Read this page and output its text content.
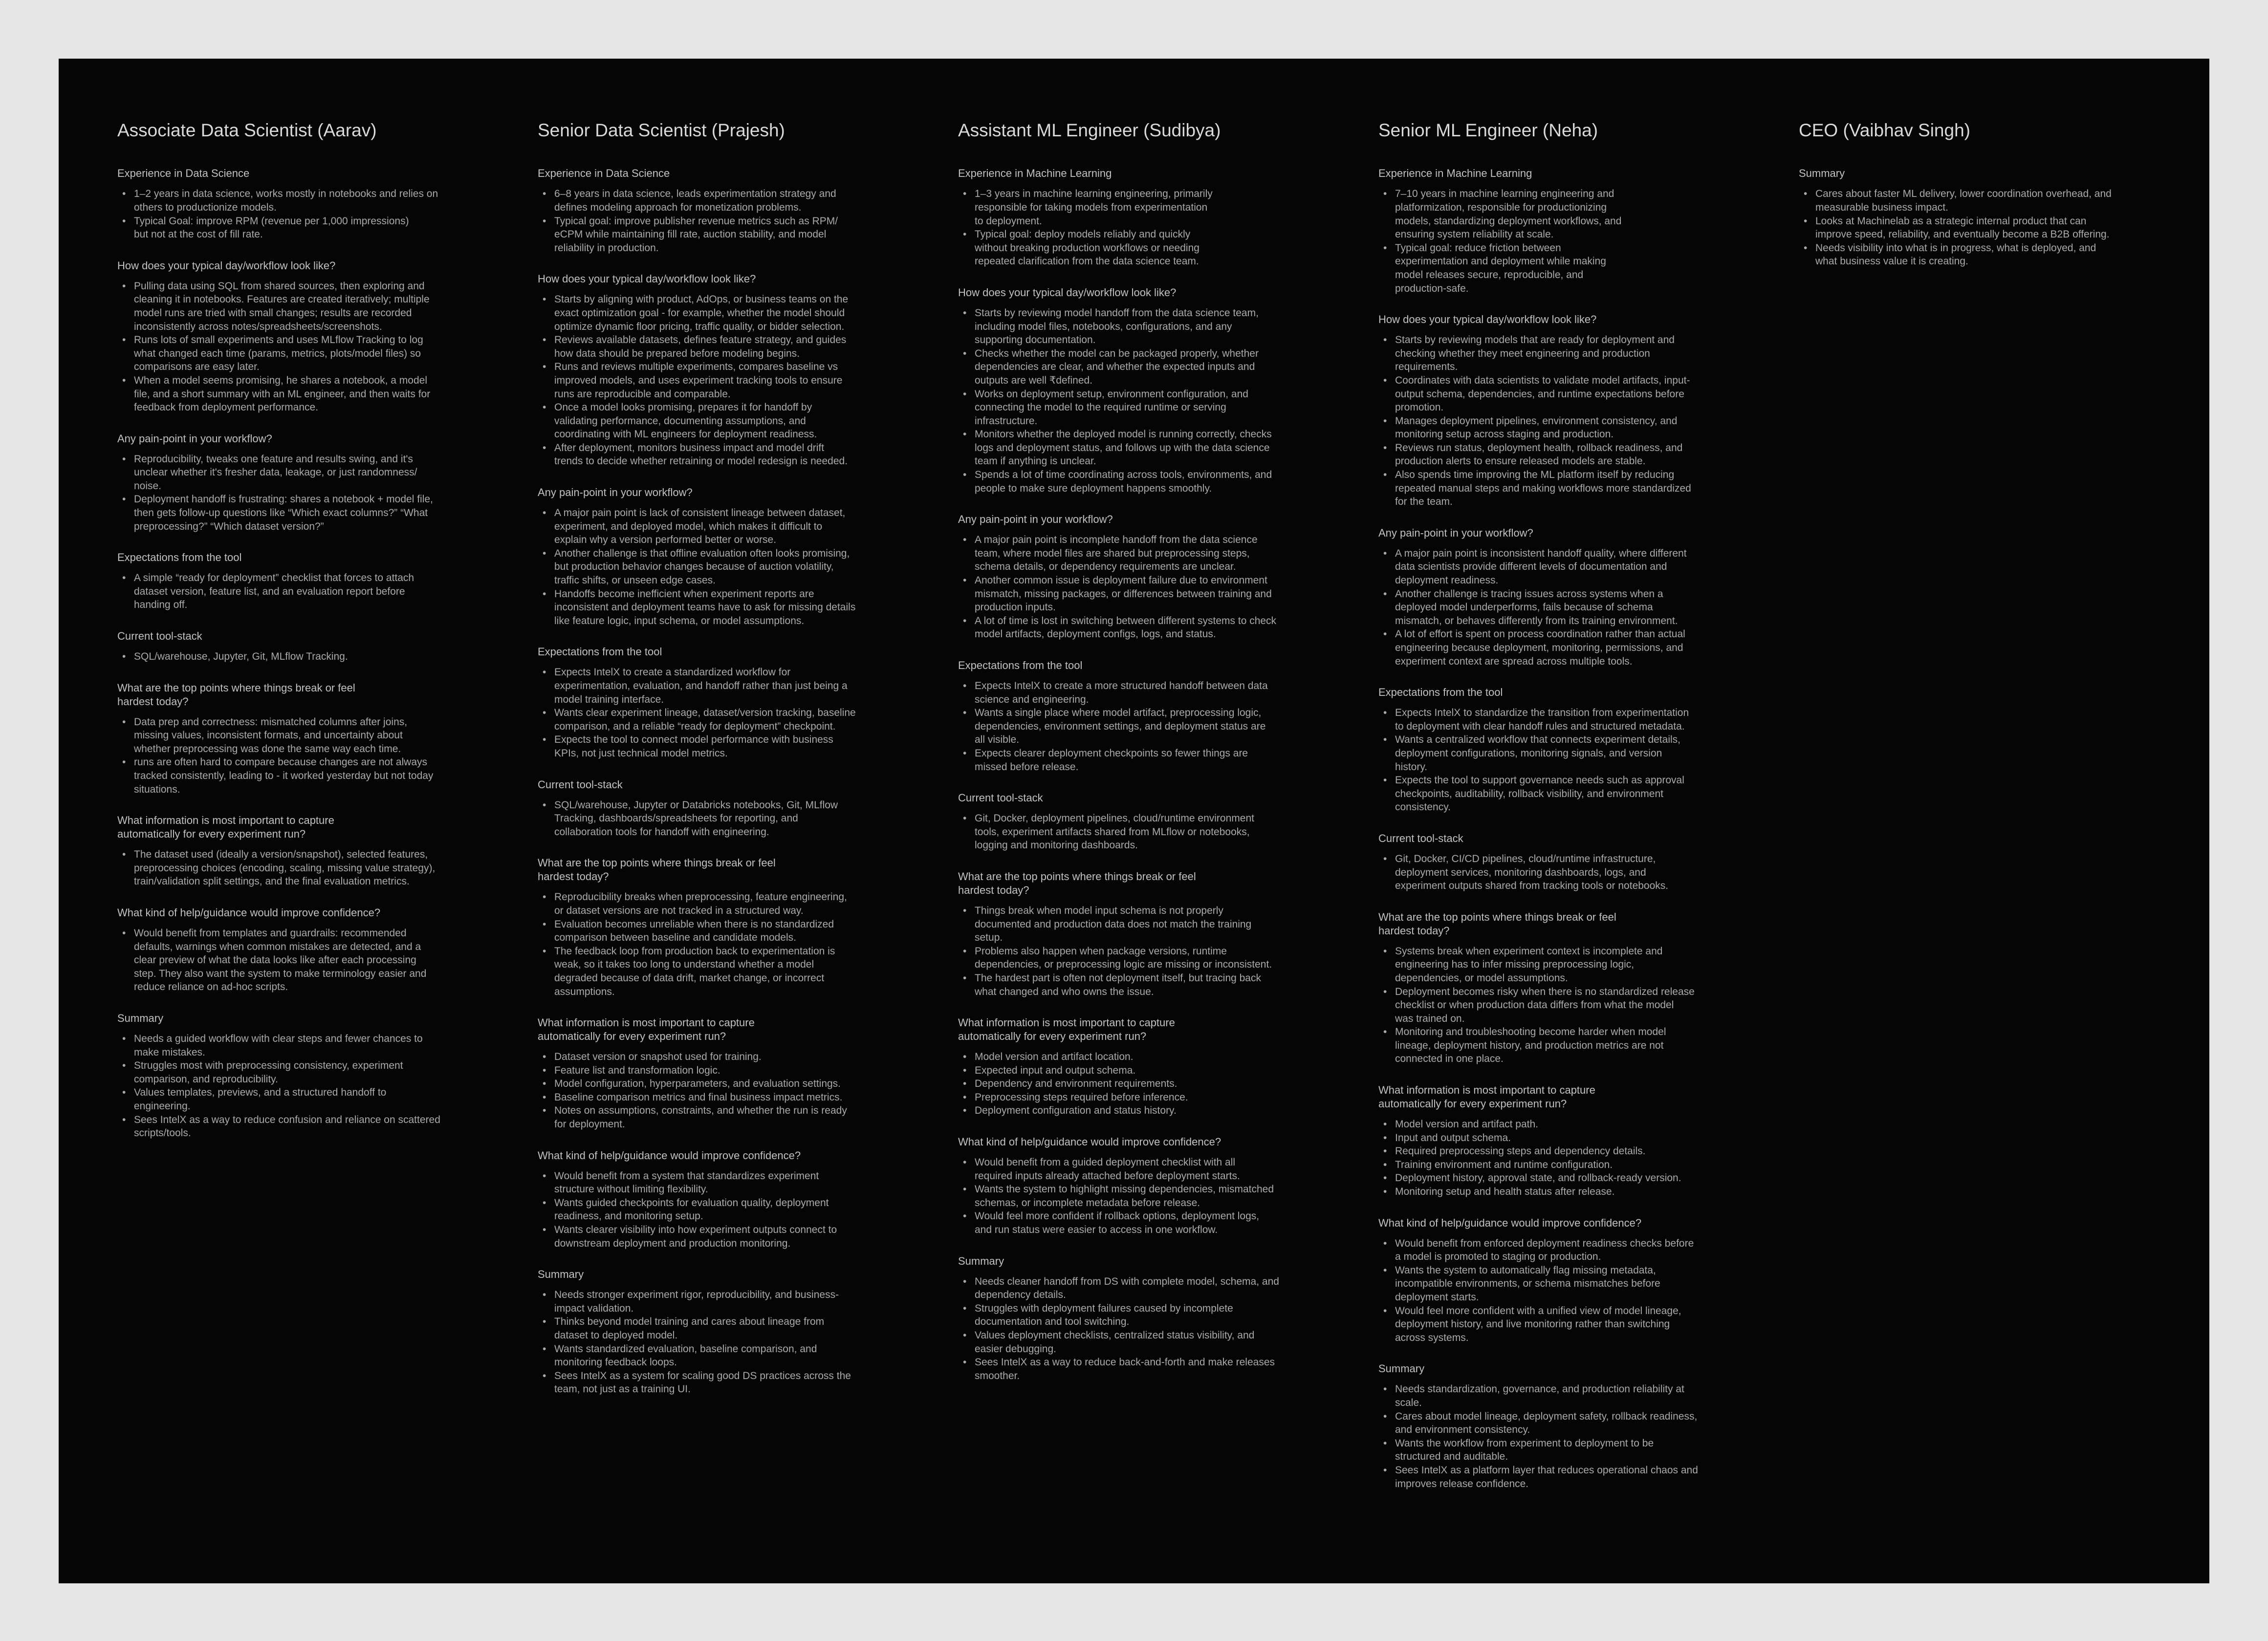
Associate Data Scientist (Aarav)
Experience in Data Science
• 1–2 years in data science, works mostly in notebooks and relies on
others to productionize models.
• Typical Goal: improve RPM (revenue per 1,000 impressions)
but not at the cost of fill rate.
How does your typical day/workflow look like?
• Pulling data using SQL from shared sources, then exploring and
cleaning it in notebooks. Features are created iteratively; multiple
model runs are tried with small changes; results are recorded
inconsistently across notes/spreadsheets/screenshots.
• Runs lots of small experiments and uses MLflow Tracking to log
what changed each time (params, metrics, plots/model files) so
comparisons are easy later.
• When a model seems promising, he shares a notebook, a model
file, and a short summary with an ML engineer, and then waits for
feedback from deployment performance.
Any pain-point in your workflow?
• Reproducibility, tweaks one feature and results swing, and it's
unclear whether it's fresher data, leakage, or just randomness/
noise.
• Deployment handoff is frustrating: shares a notebook + model file,
then gets follow-up questions like “Which exact columns?” “What
preprocessing?” “Which dataset version?”
Expectations from the tool
• A simple “ready for deployment” checklist that forces to attach
dataset version, feature list, and an evaluation report before
handing off.
Current tool-stack
• SQL/warehouse, Jupyter, Git, MLflow Tracking.
What are the top points where things break or feel
hardest today?
• Data prep and correctness: mismatched columns after joins,
missing values, inconsistent formats, and uncertainty about
whether preprocessing was done the same way each time.
• runs are often hard to compare because changes are not always
tracked consistently, leading to - it worked yesterday but not today
situations.
What information is most important to capture
automatically for every experiment run?
• The dataset used (ideally a version/snapshot), selected features,
preprocessing choices (encoding, scaling, missing value strategy),
train/validation split settings, and the final evaluation metrics.
What kind of help/guidance would improve confidence?
• Would benefit from templates and guardrails: recommended
defaults, warnings when common mistakes are detected, and a
clear preview of what the data looks like after each processing
step. They also want the system to make terminology easier and
reduce reliance on ad-hoc scripts.
Summary
• Needs a guided workflow with clear steps and fewer chances to
make mistakes.
• Struggles most with preprocessing consistency, experiment
comparison, and reproducibility.
• Values templates, previews, and a structured handoff to
engineering.
• Sees IntelX as a way to reduce confusion and reliance on scattered
scripts/tools.
Senior Data Scientist (Prajesh)
Experience in Data Science
• 6–8 years in data science, leads experimentation strategy and
defines modeling approach for monetization problems.
• Typical goal: improve publisher revenue metrics such as RPM/
eCPM while maintaining fill rate, auction stability, and model
reliability in production.
How does your typical day/workflow look like?
• Starts by aligning with product, AdOps, or business teams on the
exact optimization goal - for example, whether the model should
optimize dynamic floor pricing, traffic quality, or bidder selection.
• Reviews available datasets, defines feature strategy, and guides
how data should be prepared before modeling begins.
• Runs and reviews multiple experiments, compares baseline vs
improved models, and uses experiment tracking tools to ensure
runs are reproducible and comparable.
• Once a model looks promising, prepares it for handoff by
validating performance, documenting assumptions, and
coordinating with ML engineers for deployment readiness.
• After deployment, monitors business impact and model drift
trends to decide whether retraining or model redesign is needed.
Any pain-point in your workflow?
• A major pain point is lack of consistent lineage between dataset,
experiment, and deployed model, which makes it difficult to
explain why a version performed better or worse.
• Another challenge is that offline evaluation often looks promising,
but production behavior changes because of auction volatility,
traffic shifts, or unseen edge cases.
• Handoffs become inefficient when experiment reports are
inconsistent and deployment teams have to ask for missing details
like feature logic, input schema, or model assumptions.
Expectations from the tool
• Expects IntelX to create a standardized workflow for
experimentation, evaluation, and handoff rather than just being a
model training interface.
• Wants clear experiment lineage, dataset/version tracking, baseline
comparison, and a reliable “ready for deployment” checkpoint.
• Expects the tool to connect model performance with business
KPIs, not just technical model metrics.
Current tool-stack
• SQL/warehouse, Jupyter or Databricks notebooks, Git, MLflow
Tracking, dashboards/spreadsheets for reporting, and
collaboration tools for handoff with engineering.
What are the top points where things break or feel
hardest today?
• Reproducibility breaks when preprocessing, feature engineering,
or dataset versions are not tracked in a structured way.
• Evaluation becomes unreliable when there is no standardized
comparison between baseline and candidate models.
• The feedback loop from production back to experimentation is
weak, so it takes too long to understand whether a model
degraded because of data drift, market change, or incorrect
assumptions.
What information is most important to capture
automatically for every experiment run?
• Dataset version or snapshot used for training.
• Feature list and transformation logic.
• Model configuration, hyperparameters, and evaluation settings.
• Baseline comparison metrics and final business impact metrics.
• Notes on assumptions, constraints, and whether the run is ready
for deployment.
What kind of help/guidance would improve confidence?
• Would benefit from a system that standardizes experiment
structure without limiting flexibility.
• Wants guided checkpoints for evaluation quality, deployment
readiness, and monitoring setup.
• Wants clearer visibility into how experiment outputs connect to
downstream deployment and production monitoring.
Summary
• Needs stronger experiment rigor, reproducibility, and business-
impact validation.
• Thinks beyond model training and cares about lineage from
dataset to deployed model.
• Wants standardized evaluation, baseline comparison, and
monitoring feedback loops.
• Sees IntelX as a system for scaling good DS practices across the
team, not just as a training UI.
Assistant ML Engineer (Sudibya)
Experience in Machine Learning
• 1–3 years in machine learning engineering, primarily
responsible for taking models from experimentation
to deployment.
• Typical goal: deploy models reliably and quickly
without breaking production workflows or needing
repeated clarification from the data science team.
How does your typical day/workflow look like?
• Starts by reviewing model handoff from the data science team,
including model files, notebooks, configurations, and any
supporting documentation.
• Checks whether the model can be packaged properly, whether
dependencies are clear, and whether the expected inputs and
outputs are well ₹defined.
• Works on deployment setup, environment configuration, and
connecting the model to the required runtime or serving
infrastructure.
• Monitors whether the deployed model is running correctly, checks
logs and deployment status, and follows up with the data science
team if anything is unclear.
• Spends a lot of time coordinating across tools, environments, and
people to make sure deployment happens smoothly.
Any pain-point in your workflow?
• A major pain point is incomplete handoff from the data science
team, where model files are shared but preprocessing steps,
schema details, or dependency requirements are unclear.
• Another common issue is deployment failure due to environment
mismatch, missing packages, or differences between training and
production inputs.
• A lot of time is lost in switching between different systems to check
model artifacts, deployment configs, logs, and status.
Expectations from the tool
• Expects IntelX to create a more structured handoff between data
science and engineering.
• Wants a single place where model artifact, preprocessing logic,
dependencies, environment settings, and deployment status are
all visible.
• Expects clearer deployment checkpoints so fewer things are
missed before release.
Current tool-stack
• Git, Docker, deployment pipelines, cloud/runtime environment
tools, experiment artifacts shared from MLflow or notebooks,
logging and monitoring dashboards.
What are the top points where things break or feel
hardest today?
• Things break when model input schema is not properly
documented and production data does not match the training
setup.
• Problems also happen when package versions, runtime
dependencies, or preprocessing logic are missing or inconsistent.
• The hardest part is often not deployment itself, but tracing back
what changed and who owns the issue.
What information is most important to capture
automatically for every experiment run?
• Model version and artifact location.
• Expected input and output schema.
• Dependency and environment requirements.
• Preprocessing steps required before inference.
• Deployment configuration and status history.
What kind of help/guidance would improve confidence?
• Would benefit from a guided deployment checklist with all
required inputs already attached before deployment starts.
• Wants the system to highlight missing dependencies, mismatched
schemas, or incomplete metadata before release.
• Would feel more confident if rollback options, deployment logs,
and run status were easier to access in one workflow.
Summary
• Needs cleaner handoff from DS with complete model, schema, and
dependency details.
• Struggles with deployment failures caused by incomplete
documentation and tool switching.
• Values deployment checklists, centralized status visibility, and
easier debugging.
• Sees IntelX as a way to reduce back-and-forth and make releases
smoother.
Senior ML Engineer (Neha)
Experience in Machine Learning
• 7–10 years in machine learning engineering and
platformization, responsible for productionizing
models, standardizing deployment workflows, and
ensuring system reliability at scale.
• Typical goal: reduce friction between
experimentation and deployment while making
model releases secure, reproducible, and
production-safe.
How does your typical day/workflow look like?
• Starts by reviewing models that are ready for deployment and
checking whether they meet engineering and production
requirements.
• Coordinates with data scientists to validate model artifacts, input-
output schema, dependencies, and runtime expectations before
promotion.
• Manages deployment pipelines, environment consistency, and
monitoring setup across staging and production.
• Reviews run status, deployment health, rollback readiness, and
production alerts to ensure released models are stable.
• Also spends time improving the ML platform itself by reducing
repeated manual steps and making workflows more standardized
for the team.
Any pain-point in your workflow?
• A major pain point is inconsistent handoff quality, where different
data scientists provide different levels of documentation and
deployment readiness.
• Another challenge is tracing issues across systems when a
deployed model underperforms, fails because of schema
mismatch, or behaves differently from its training environment.
• A lot of effort is spent on process coordination rather than actual
engineering because deployment, monitoring, permissions, and
experiment context are spread across multiple tools.
Expectations from the tool
• Expects IntelX to standardize the transition from experimentation
to deployment with clear handoff rules and structured metadata.
• Wants a centralized workflow that connects experiment details,
deployment configurations, monitoring signals, and version
history.
• Expects the tool to support governance needs such as approval
checkpoints, auditability, rollback visibility, and environment
consistency.
Current tool-stack
• Git, Docker, CI/CD pipelines, cloud/runtime infrastructure,
deployment services, monitoring dashboards, logs, and
experiment outputs shared from tracking tools or notebooks.
What are the top points where things break or feel
hardest today?
• Systems break when experiment context is incomplete and
engineering has to infer missing preprocessing logic,
dependencies, or model assumptions.
• Deployment becomes risky when there is no standardized release
checklist or when production data differs from what the model
was trained on.
• Monitoring and troubleshooting become harder when model
lineage, deployment history, and production metrics are not
connected in one place.
What information is most important to capture
automatically for every experiment run?
• Model version and artifact path.
• Input and output schema.
• Required preprocessing steps and dependency details.
• Training environment and runtime configuration.
• Deployment history, approval state, and rollback-ready version.
• Monitoring setup and health status after release.
What kind of help/guidance would improve confidence?
• Would benefit from enforced deployment readiness checks before
a model is promoted to staging or production.
• Wants the system to automatically flag missing metadata,
incompatible environments, or schema mismatches before
deployment starts.
• Would feel more confident with a unified view of model lineage,
deployment history, and live monitoring rather than switching
across systems.
Summary
• Needs standardization, governance, and production reliability at
scale.
• Cares about model lineage, deployment safety, rollback readiness,
and environment consistency.
• Wants the workflow from experiment to deployment to be
structured and auditable.
• Sees IntelX as a platform layer that reduces operational chaos and
improves release confidence.
CEO (Vaibhav Singh)
Summary
• Cares about faster ML delivery, lower coordination overhead, and
measurable business impact.
• Looks at Machinelab as a strategic internal product that can
improve speed, reliability, and eventually become a B2B offering.
• Needs visibility into what is in progress, what is deployed, and
what business value it is creating.
